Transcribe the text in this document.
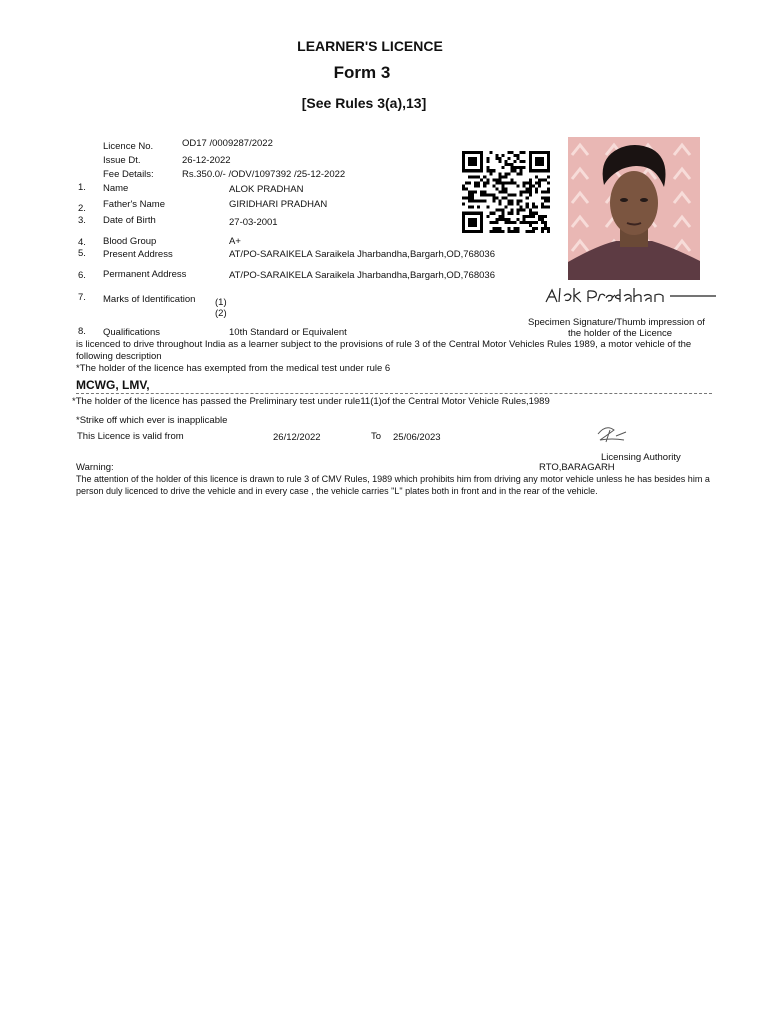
LEARNER'S LICENCE
Form 3
[See Rules 3(a),13]
Licence No.	OD17 /0009287/2022
Issue Dt.	26-12-2022
Fee Details:	Rs.350.0/- /ODV/1097392 /25-12-2022
1. Name	ALOK PRADHAN
2. Father's Name	GIRIDHARI PRADHAN
3. Date of Birth	27-03-2001
4. Blood Group	A+
5. Present Address	AT/PO-SARAIKELA Saraikela Jharbandha,Bargarh,OD,768036
6. Permanent Address	AT/PO-SARAIKELA Saraikela Jharbandha,Bargarh,OD,768036
7. Marks of Identification (1)
(2)
8. Qualifications	10th Standard or Equivalent
Alok Pradhan
Specimen Signature/Thumb impression of
the holder of the Licence
is licenced to drive throughout India as a learner subject to the provisions of rule 3 of the Central Motor Vehicles Rules 1989, a motor vehicle of the following description
*The holder of the licence has exempted from the medical test under rule 6
MCWG, LMV,
*The holder of the licence has passed the Preliminary test under rule11(1)of the Central Motor Vehicle Rules,1989
*Strike off which ever is inapplicable
This Licence is valid from	26/12/2022	To 25/06/2023
Licensing Authority
RTO,BARAGARH
Warning:
The attention of the holder of this licence is drawn to rule 3 of CMV Rules, 1989 which prohibits him from driving any motor vehicle unless he has besides him a person duly licenced to drive the vehicle and in every case , the vehicle carries "L" plates both in front and in the rear of the vehicle.
